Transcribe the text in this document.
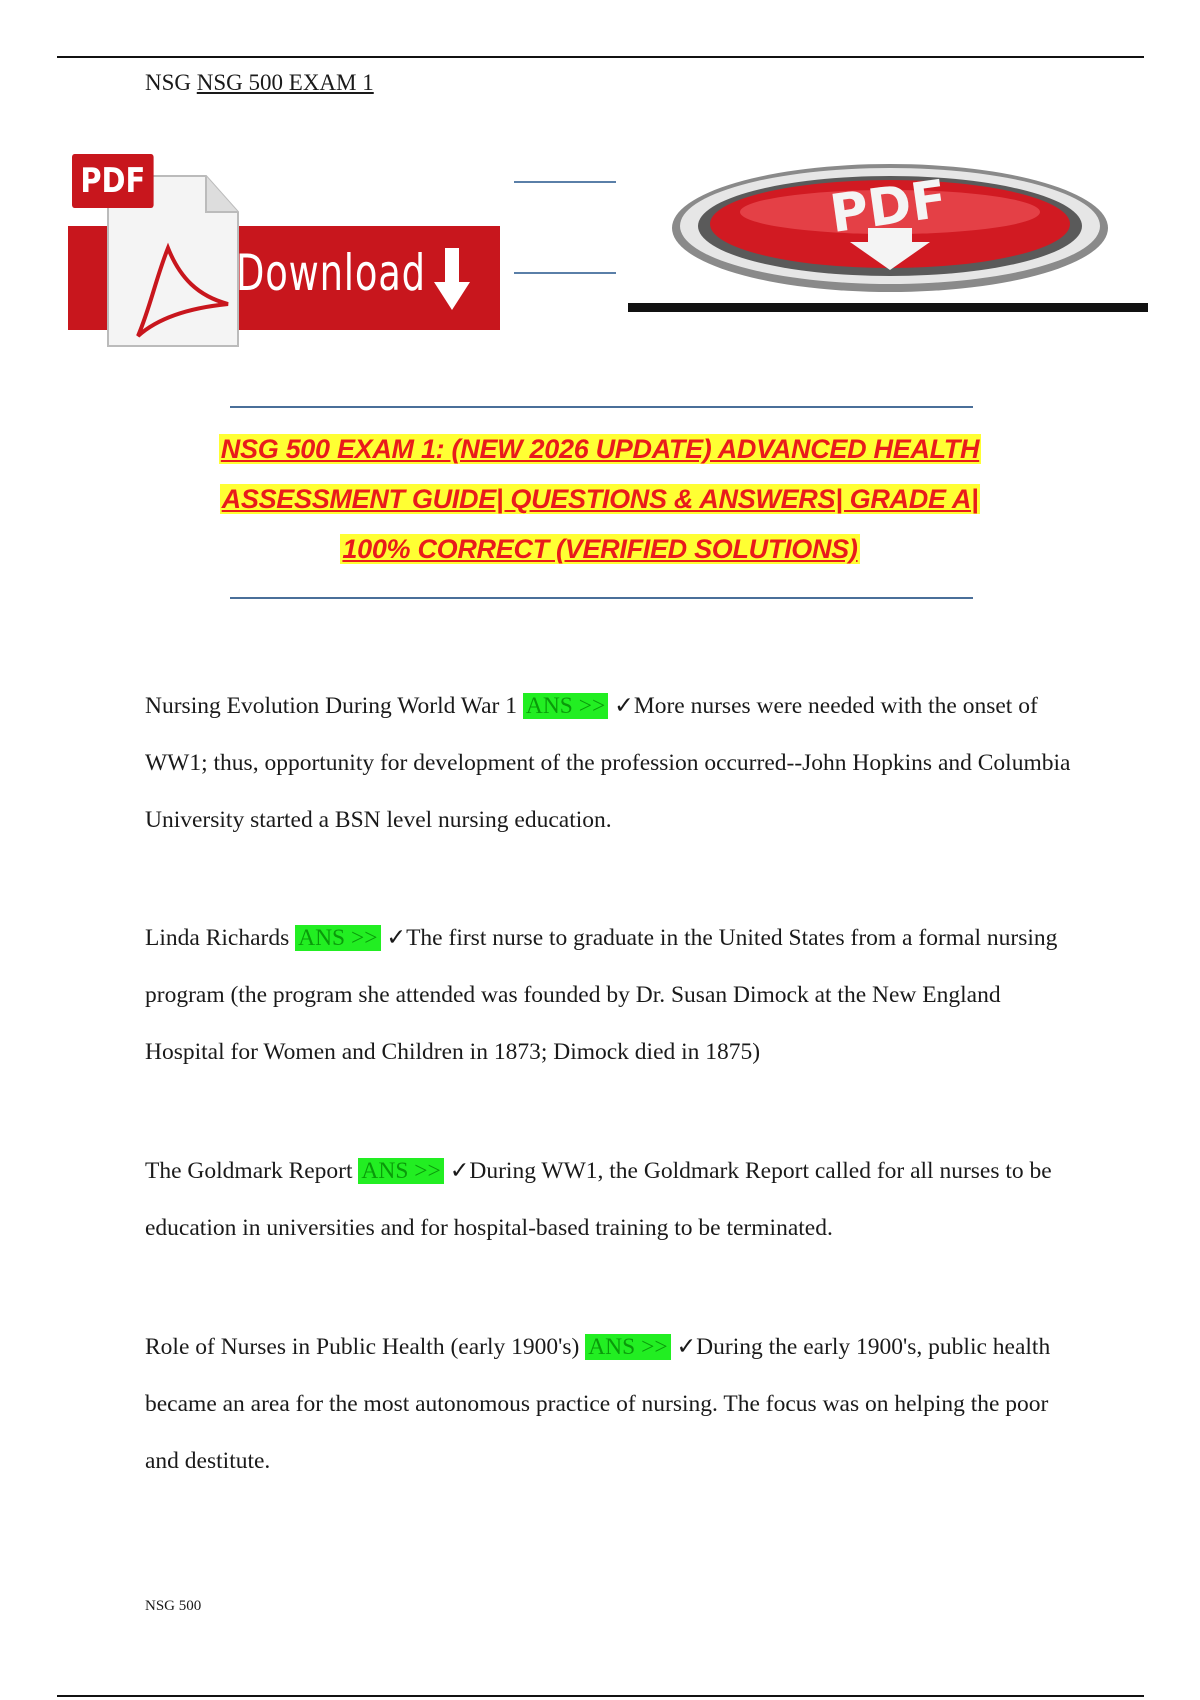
NSG NSG 500 EXAM 1
PDF
Download
PDF
NSG 500 EXAM 1: (NEW 2026 UPDATE) ADVANCED HEALTH
ASSESSMENT GUIDE| QUESTIONS & ANSWERS| GRADE A|
100% CORRECT (VERIFIED SOLUTIONS)
Nursing Evolution During World War 1 ANS >> ✓More nurses were needed with the onset of WW1; thus, opportunity for development of the profession occurred--John Hopkins and Columbia University started a BSN level nursing education.
Linda Richards ANS >> ✓The first nurse to graduate in the United States from a formal nursing program (the program she attended was founded by Dr. Susan Dimock at the New England Hospital for Women and Children in 1873; Dimock died in 1875)
The Goldmark Report ANS >> ✓During WW1, the Goldmark Report called for all nurses to be education in universities and for hospital-based training to be terminated.
Role of Nurses in Public Health (early 1900's) ANS >> ✓During the early 1900's, public health became an area for the most autonomous practice of nursing. The focus was on helping the poor and destitute.
NSG 500
